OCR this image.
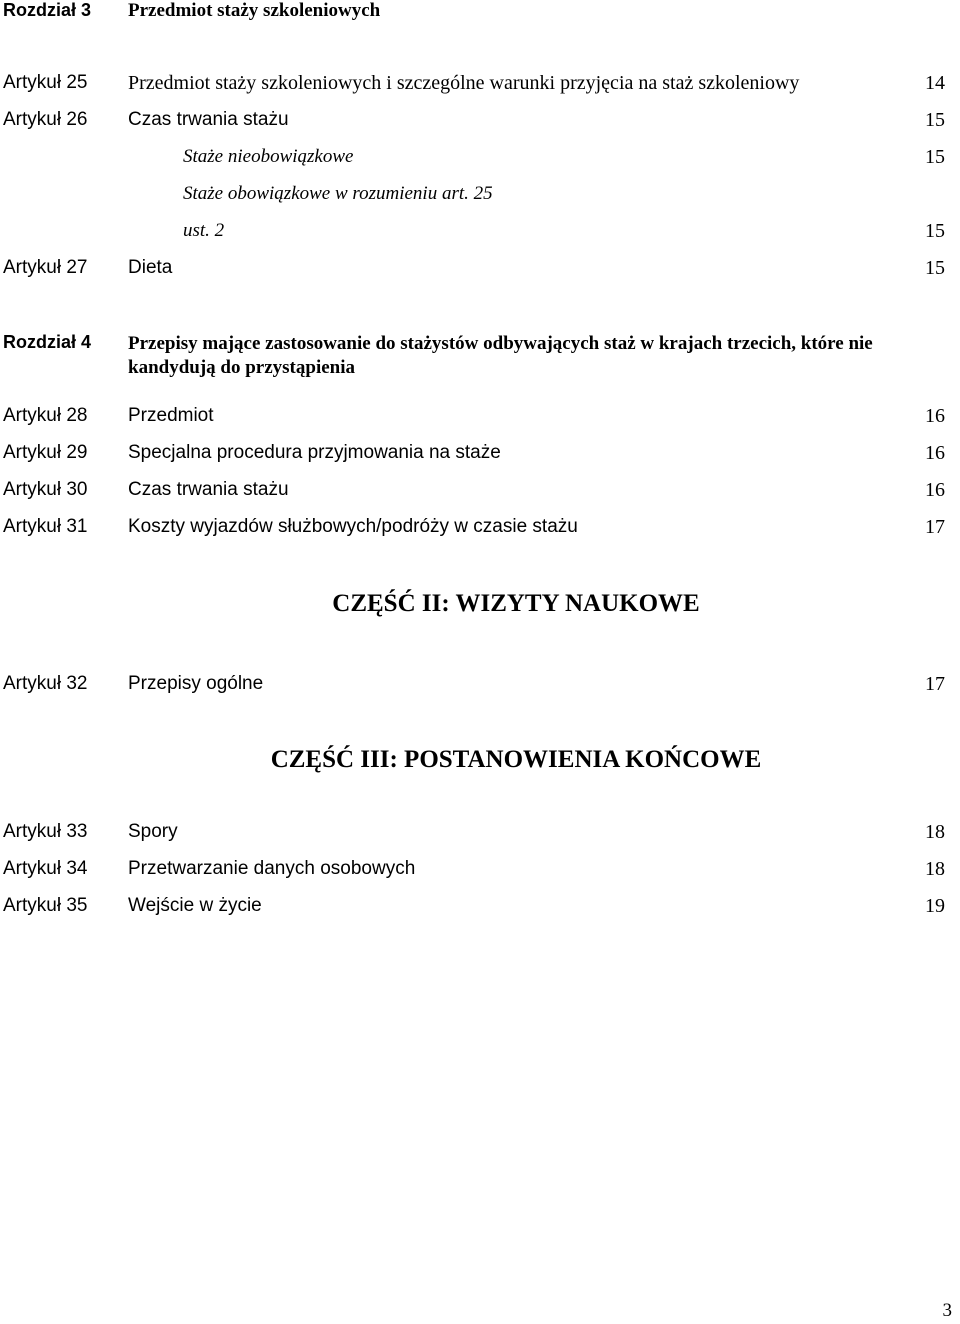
Rozdział 3 Przedmiot staży szkoleniowych
Artykuł 25 Przedmiot staży szkoleniowych i szczególne warunki przyjęcia na staż szkoleniowy	14
Artykuł 26 Czas trwania stażu	15
Staże nieobowiązkowe	15
Staże obowiązkowe w rozumieniu art. 25
ust. 2	15
Artykuł 27 Dieta	15
Rozdział 4 Przepisy mające zastosowanie do stażystów odbywających staż w krajach trzecich, które nie kandydują do przystąpienia
Artykuł 28 Przedmiot	16
Artykuł 29 Specjalna procedura przyjmowania na staże	16
Artykuł 30 Czas trwania stażu	16
Artykuł 31 Koszty wyjazdów służbowych/podróży w czasie stażu	17
CZĘŚĆ II: WIZYTY NAUKOWE
Artykuł 32 Przepisy ogólne	17
CZĘŚĆ III: POSTANOWIENIA KOŃCOWE
Artykuł 33 Spory	18
Artykuł 34 Przetwarzanie danych osobowych	18
Artykuł 35 Wejście w życie	19
3
